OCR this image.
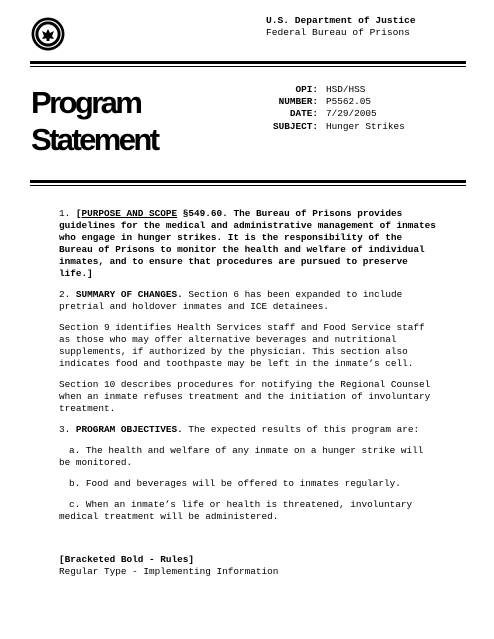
U.S. Department of Justice
Federal Bureau of Prisons
Program
Statement
OPI: HSD/HSS
NUMBER: P5562.05
DATE: 7/29/2005
SUBJECT: Hunger Strikes

1. [PURPOSE AND SCOPE §549.60. The Bureau of Prisons provides guidelines for the medical and administrative management of inmates who engage in hunger strikes. It is the responsibility of the Bureau of Prisons to monitor the health and welfare of individual inmates, and to ensure that procedures are pursued to preserve life.]

2. SUMMARY OF CHANGES. Section 6 has been expanded to include pretrial and holdover inmates and ICE detainees.

Section 9 identifies Health Services staff and Food Service staff as those who may offer alternative beverages and nutritional supplements, if authorized by the physician. This section also indicates food and toothpaste may be left in the inmate’s cell.

Section 10 describes procedures for notifying the Regional Counsel when an inmate refuses treatment and the initiation of involuntary treatment.

3. PROGRAM OBJECTIVES. The expected results of this program are:

a. The health and welfare of any inmate on a hunger strike will be monitored.

b. Food and beverages will be offered to inmates regularly.

c. When an inmate’s life or health is threatened, involuntary medical treatment will be administered.

[Bracketed Bold - Rules]
Regular Type - Implementing Information
